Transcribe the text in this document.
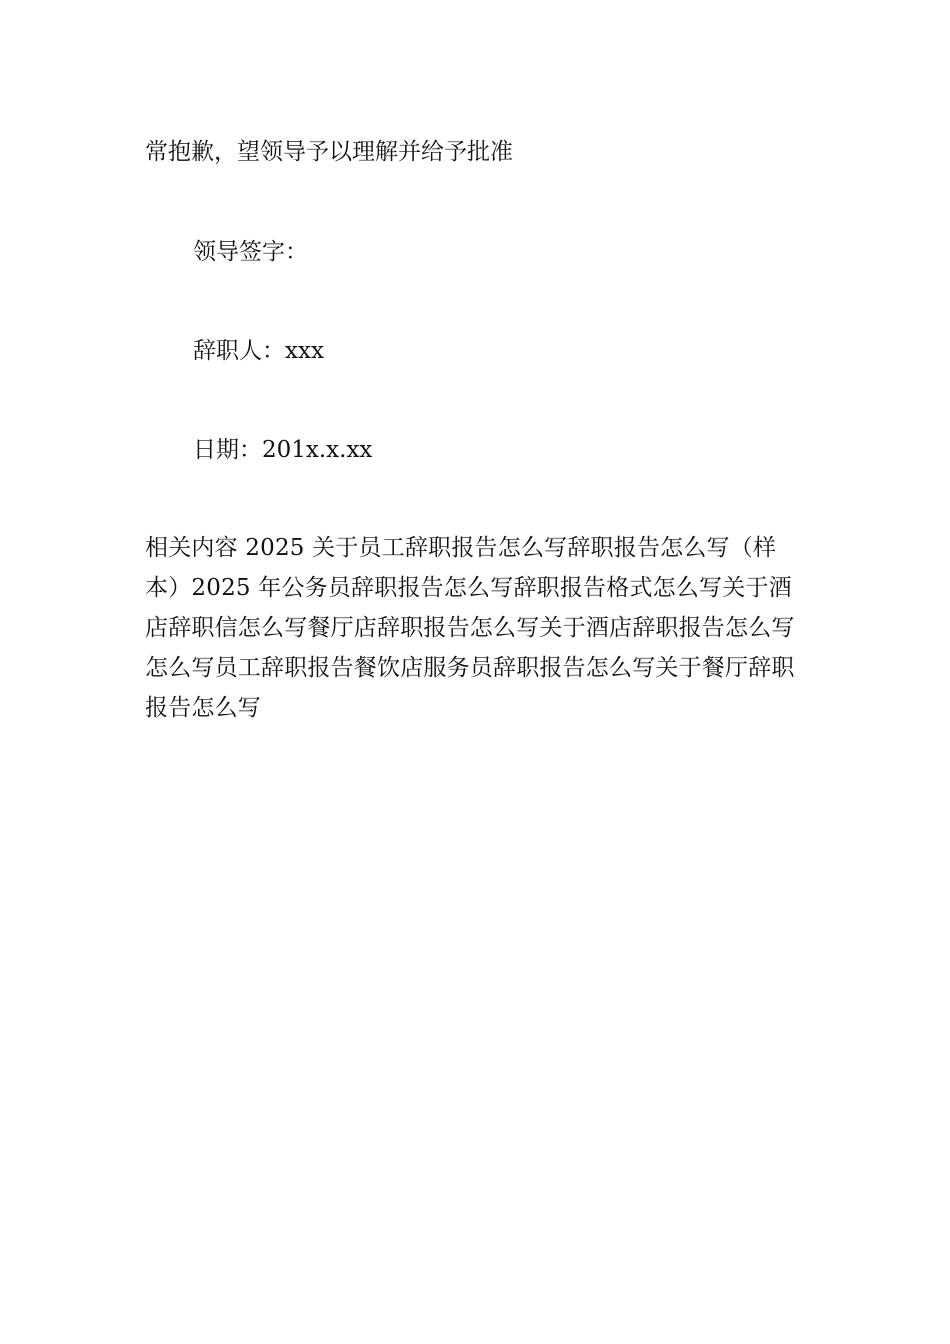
常抱歉，望领导予以理解并给予批准
领导签字：
辞职人：xxx
日期：201x.x.xx
相关内容 2025 关于员工辞职报告怎么写辞职报告怎么写（样本）2025 年公务员辞职报告怎么写辞职报告格式怎么写关于酒店辞职信怎么写餐厅店辞职报告怎么写关于酒店辞职报告怎么写怎么写员工辞职报告餐饮店服务员辞职报告怎么写关于餐厅辞职报告怎么写
